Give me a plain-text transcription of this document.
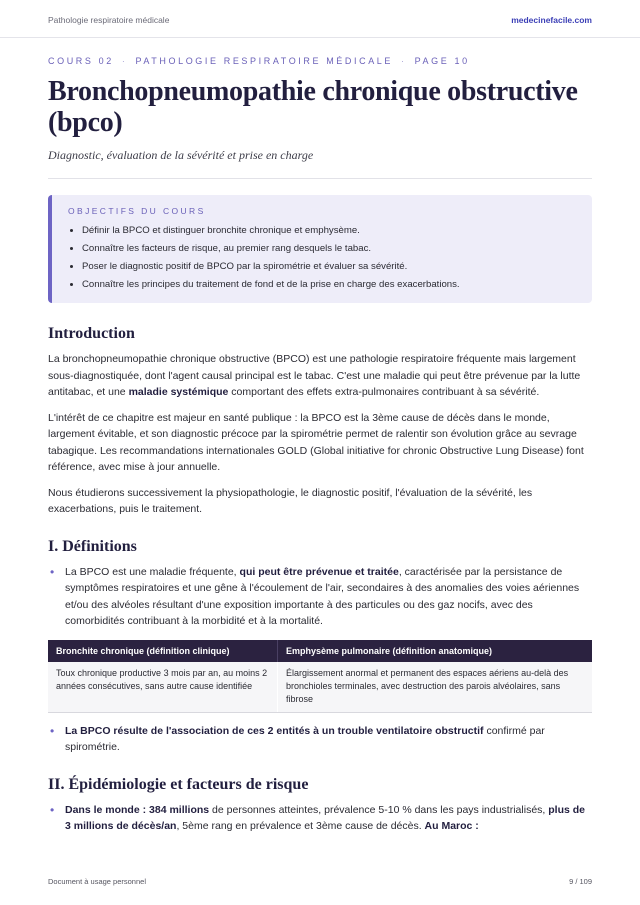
Pathologie respiratoire médicale	medecinefacile.com
COURS 02 · PATHOLOGIE RESPIRATOIRE MÉDICALE · PAGE 10
Bronchopneumopathie chronique obstructive (bpco)
Diagnostic, évaluation de la sévérité et prise en charge
OBJECTIFS DU COURS
• Définir la BPCO et distinguer bronchite chronique et emphysème.
• Connaître les facteurs de risque, au premier rang desquels le tabac.
• Poser le diagnostic positif de BPCO par la spirométrie et évaluer sa sévérité.
• Connaître les principes du traitement de fond et de la prise en charge des exacerbations.
Introduction

La bronchopneumopathie chronique obstructive (BPCO) est une pathologie respiratoire fréquente mais largement sous-diagnostiquée, dont l'agent causal principal est le tabac. C'est une maladie qui peut être prévenue par la lutte antitabac, et une maladie systémique comportant des effets extra-pulmonaires contribuant à sa sévérité.

L'intérêt de ce chapitre est majeur en santé publique : la BPCO est la 3ème cause de décès dans le monde, largement évitable, et son diagnostic précoce par la spirométrie permet de ralentir son évolution grâce au sevrage tabagique. Les recommandations internationales GOLD (Global initiative for chronic Obstructive Lung Disease) font référence, avec mise à jour annuelle.

Nous étudierons successivement la physiopathologie, le diagnostic positif, l'évaluation de la sévérité, les exacerbations, puis le traitement.

I. Définitions
• La BPCO est une maladie fréquente, qui peut être prévenue et traitée, caractérisée par la persistance de symptômes respiratoires et une gêne à l'écoulement de l'air, secondaires à des anomalies des voies aériennes et/ou des alvéoles résultant d'une exposition importante à des particules ou des gaz nocifs, avec des comorbidités contribuant à la morbidité et à la mortalité.
Bronchite chronique (définition clinique)	Emphysème pulmonaire (définition anatomique)
Toux chronique productive 3 mois par an, au moins 2 années consécutives, sans autre cause identifiée	Élargissement anormal et permanent des espaces aériens au-delà des bronchioles terminales, avec destruction des parois alvéolaires, sans fibrose
• La BPCO résulte de l'association de ces 2 entités à un trouble ventilatoire obstructif confirmé par spirométrie.
II. Épidémiologie et facteurs de risque
• Dans le monde : 384 millions de personnes atteintes, prévalence 5-10 % dans les pays industrialisés, plus de 3 millions de décès/an, 5ème rang en prévalence et 3ème cause de décès. Au Maroc :
Document à usage personnel	9 / 109
